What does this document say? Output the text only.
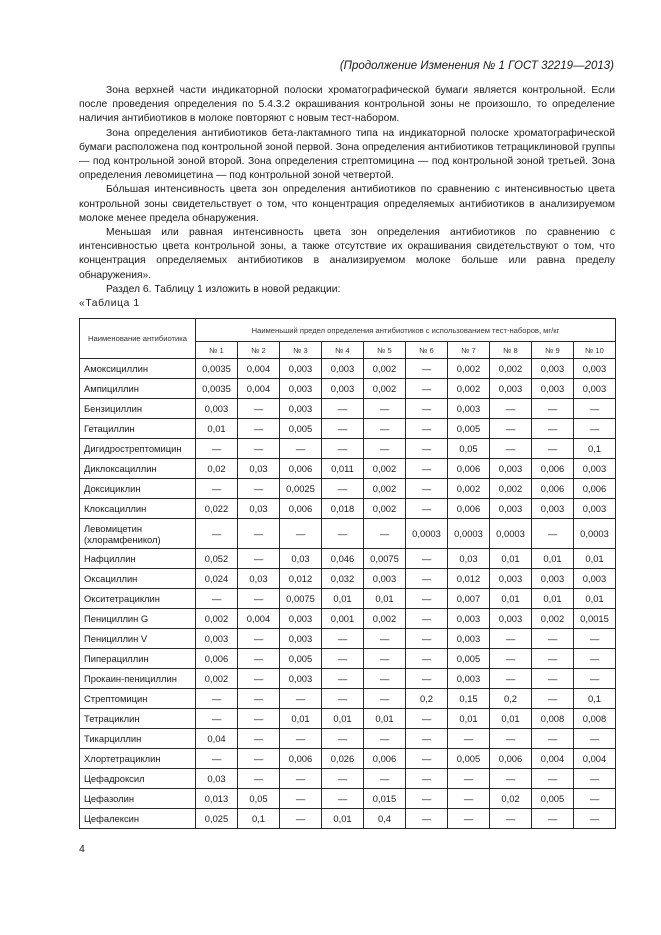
(Продолжение Изменения № 1 ГОСТ 32219—2013)

Зона верхней части индикаторной полоски хроматографической бумаги является контрольной. Если после проведения определения по 5.4.3.2 окрашивания контрольной зоны не произошло, то определение наличия антибиотиков в молоке повторяют с новым тест-набором.

Зона определения антибиотиков бета-лактамного типа на индикаторной полоске хроматографической бумаги расположена под контрольной зоной первой. Зона определения антибиотиков тетрациклиновой группы — под контрольной зоной второй. Зона определения стрептомицина — под контрольной зоной третьей. Зона определения левомицетина — под контрольной зоной четвертой.

Бóльшая интенсивность цвета зон определения антибиотиков по сравнению с интенсивностью цвета контрольной зоны свидетельствует о том, что концентрация определяемых антибиотиков в анализируемом молоке менее предела обнаружения.

Меньшая или равная интенсивность цвета зон определения антибиотиков по сравнению с интенсивностью цвета контрольной зоны, а также отсутствие их окрашивания свидетельствуют о том, что концентрация определяемых антибиотиков в анализируемом молоке больше или равна пределу обнаружения».

Раздел 6. Таблицу 1 изложить в новой редакции:

«Таблица 1
Наименование антибиотика	Наименьший предел определения антибиотиков с использованием тест-наборов, мг/кг									
	№ 1	№ 2	№ 3	№ 4	№ 5	№ 6	№ 7	№ 8	№ 9	№ 10
Амоксициллин	0,0035	0,004	0,003	0,003	0,002	—	0,002	0,002	0,003	0,003
Ампициллин	0,0035	0,004	0,003	0,003	0,002	—	0,002	0,003	0,003	0,003
Бензициллин	0,003	—	0,003	—	—	—	0,003	—	—	—
Гетациллин	0,01	—	0,005	—	—	—	0,005	—	—	—
Дигидрострептомицин	—	—	—	—	—	—	0,05	—	—	0,1
Диклоксациллин	0,02	0,03	0,006	0,011	0,002	—	0,006	0,003	0,006	0,003
Доксициклин	—	—	0,0025	—	0,002	—	0,002	0,002	0,006	0,006
Клоксациллин	0,022	0,03	0,006	0,018	0,002	—	0,006	0,003	0,003	0,003
Левомицетин (хлорамфеникол)	—	—	—	—	—	0,0003	0,0003	0,0003	—	0,0003
Нафциллин	0,052	—	0,03	0,046	0,0075	—	0,03	0,01	0,01	0,01
Оксациллин	0,024	0,03	0,012	0,032	0,003	—	0,012	0,003	0,003	0,003
Окситетрациклин	—	—	0,0075	0,01	0,01	—	0,007	0,01	0,01	0,01
Пенициллин G	0,002	0,004	0,003	0,001	0,002	—	0,003	0,003	0,002	0,0015
Пенициллин V	0,003	—	0,003	—	—	—	0,003	—	—	—
Пиперациллин	0,006	—	0,005	—	—	—	0,005	—	—	—
Прокаин-пенициллин	0,002	—	0,003	—	—	—	0,003	—	—	—
Стрептомицин	—	—	—	—	—	0,2	0,15	0,2	—	0,1
Тетрациклин	—	—	0,01	0,01	0,01	—	0,01	0,01	0,008	0,008
Тикарциллин	0,04	—	—	—	—	—	—	—	—	—
Хлортетрациклин	—	—	0,006	0,026	0,006	—	0,005	0,006	0,004	0,004
Цефадроксил	0,03	—	—	—	—	—	—	—	—	—
Цефазолин	0,013	0,05	—	—	0,015	—	—	0,02	0,005	—
Цефалексин	0,025	0,1	—	0,01	0,4	—	—	—	—	—
4
